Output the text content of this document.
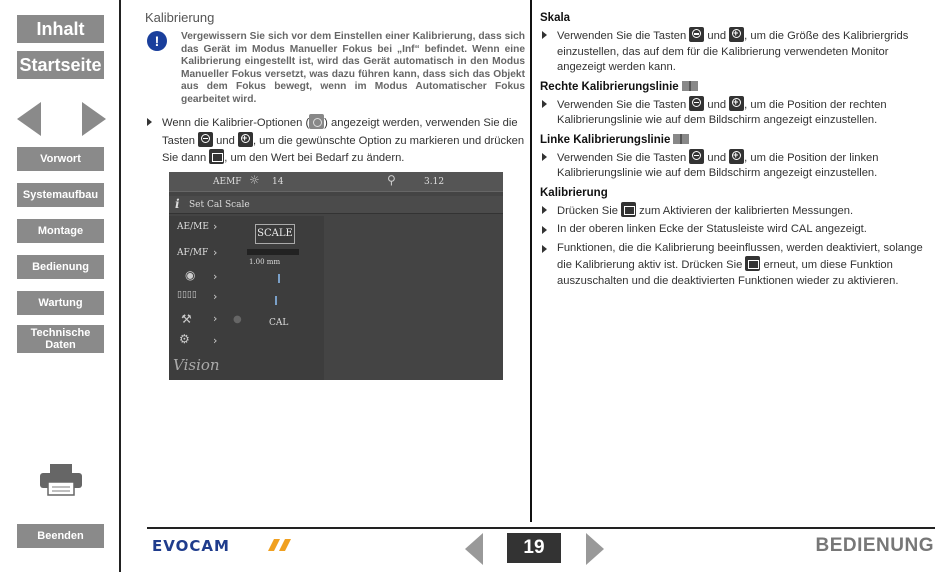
Inhalt
Startseite
Vorwort
Systemaufbau
Montage
Bedienung
Wartung
Technische Daten
Beenden
Kalibrierung
!	Vergewissern Sie sich vor dem Einstellen einer Kalibrierung, dass sich das Gerät im Modus Manueller Fokus bei „Inf“ befindet. Wenn eine Kalibrierung eingestellt ist, wird das Gerät automatisch in den Modus Manueller Fokus versetzt, was dazu führen kann, dass sich das Objekt aus dem Fokus bewegt, wenn im Modus Automatischer Fokus gearbeitet wird.
Wenn die Kalibrier-Optionen ( ) angezeigt werden, verwenden Sie die Tasten  und +, um die gewünschte Option zu markieren und drücken Sie dann , um den Wert bei Bedarf zu ändern.
AEMF ☼ 14	⚲	3.12
i Set Cal Scale
AE/ME ›
AF/MF ›
◉ ›
▯▯▯▯ ›
⚒ ›
⚙ ›
Vision
SCALE
1.00 mm
●	CAL
Skala
Verwenden Sie die Tasten  und +, um die Größe des Kalibriergrids einzustellen, das auf dem für die Kalibrierung verwendeten Monitor angezeigt werden kann.
Rechte Kalibrierungslinie
Verwenden Sie die Tasten  und +, um die Position der rechten Kalibrierungslinie wie auf dem Bildschirm angezeigt einzustellen.
Linke Kalibrierungslinie
Verwenden Sie die Tasten  und +, um die Position der linken Kalibrierungslinie wie auf dem Bildschirm angezeigt einzustellen.
Kalibrierung
Drücken Sie  zum Aktivieren der kalibrierten Messungen.
In der oberen linken Ecke der Statusleiste wird CAL angezeigt.
Funktionen, die die Kalibrierung beeinflussen, werden deaktiviert, solange die Kalibrierung aktiv ist. Drücken Sie  erneut, um diese Funktion auszuschalten und die deaktivierten Funktionen wieder zu aktivieren.
EVOCAM	19	BEDIENUNG
